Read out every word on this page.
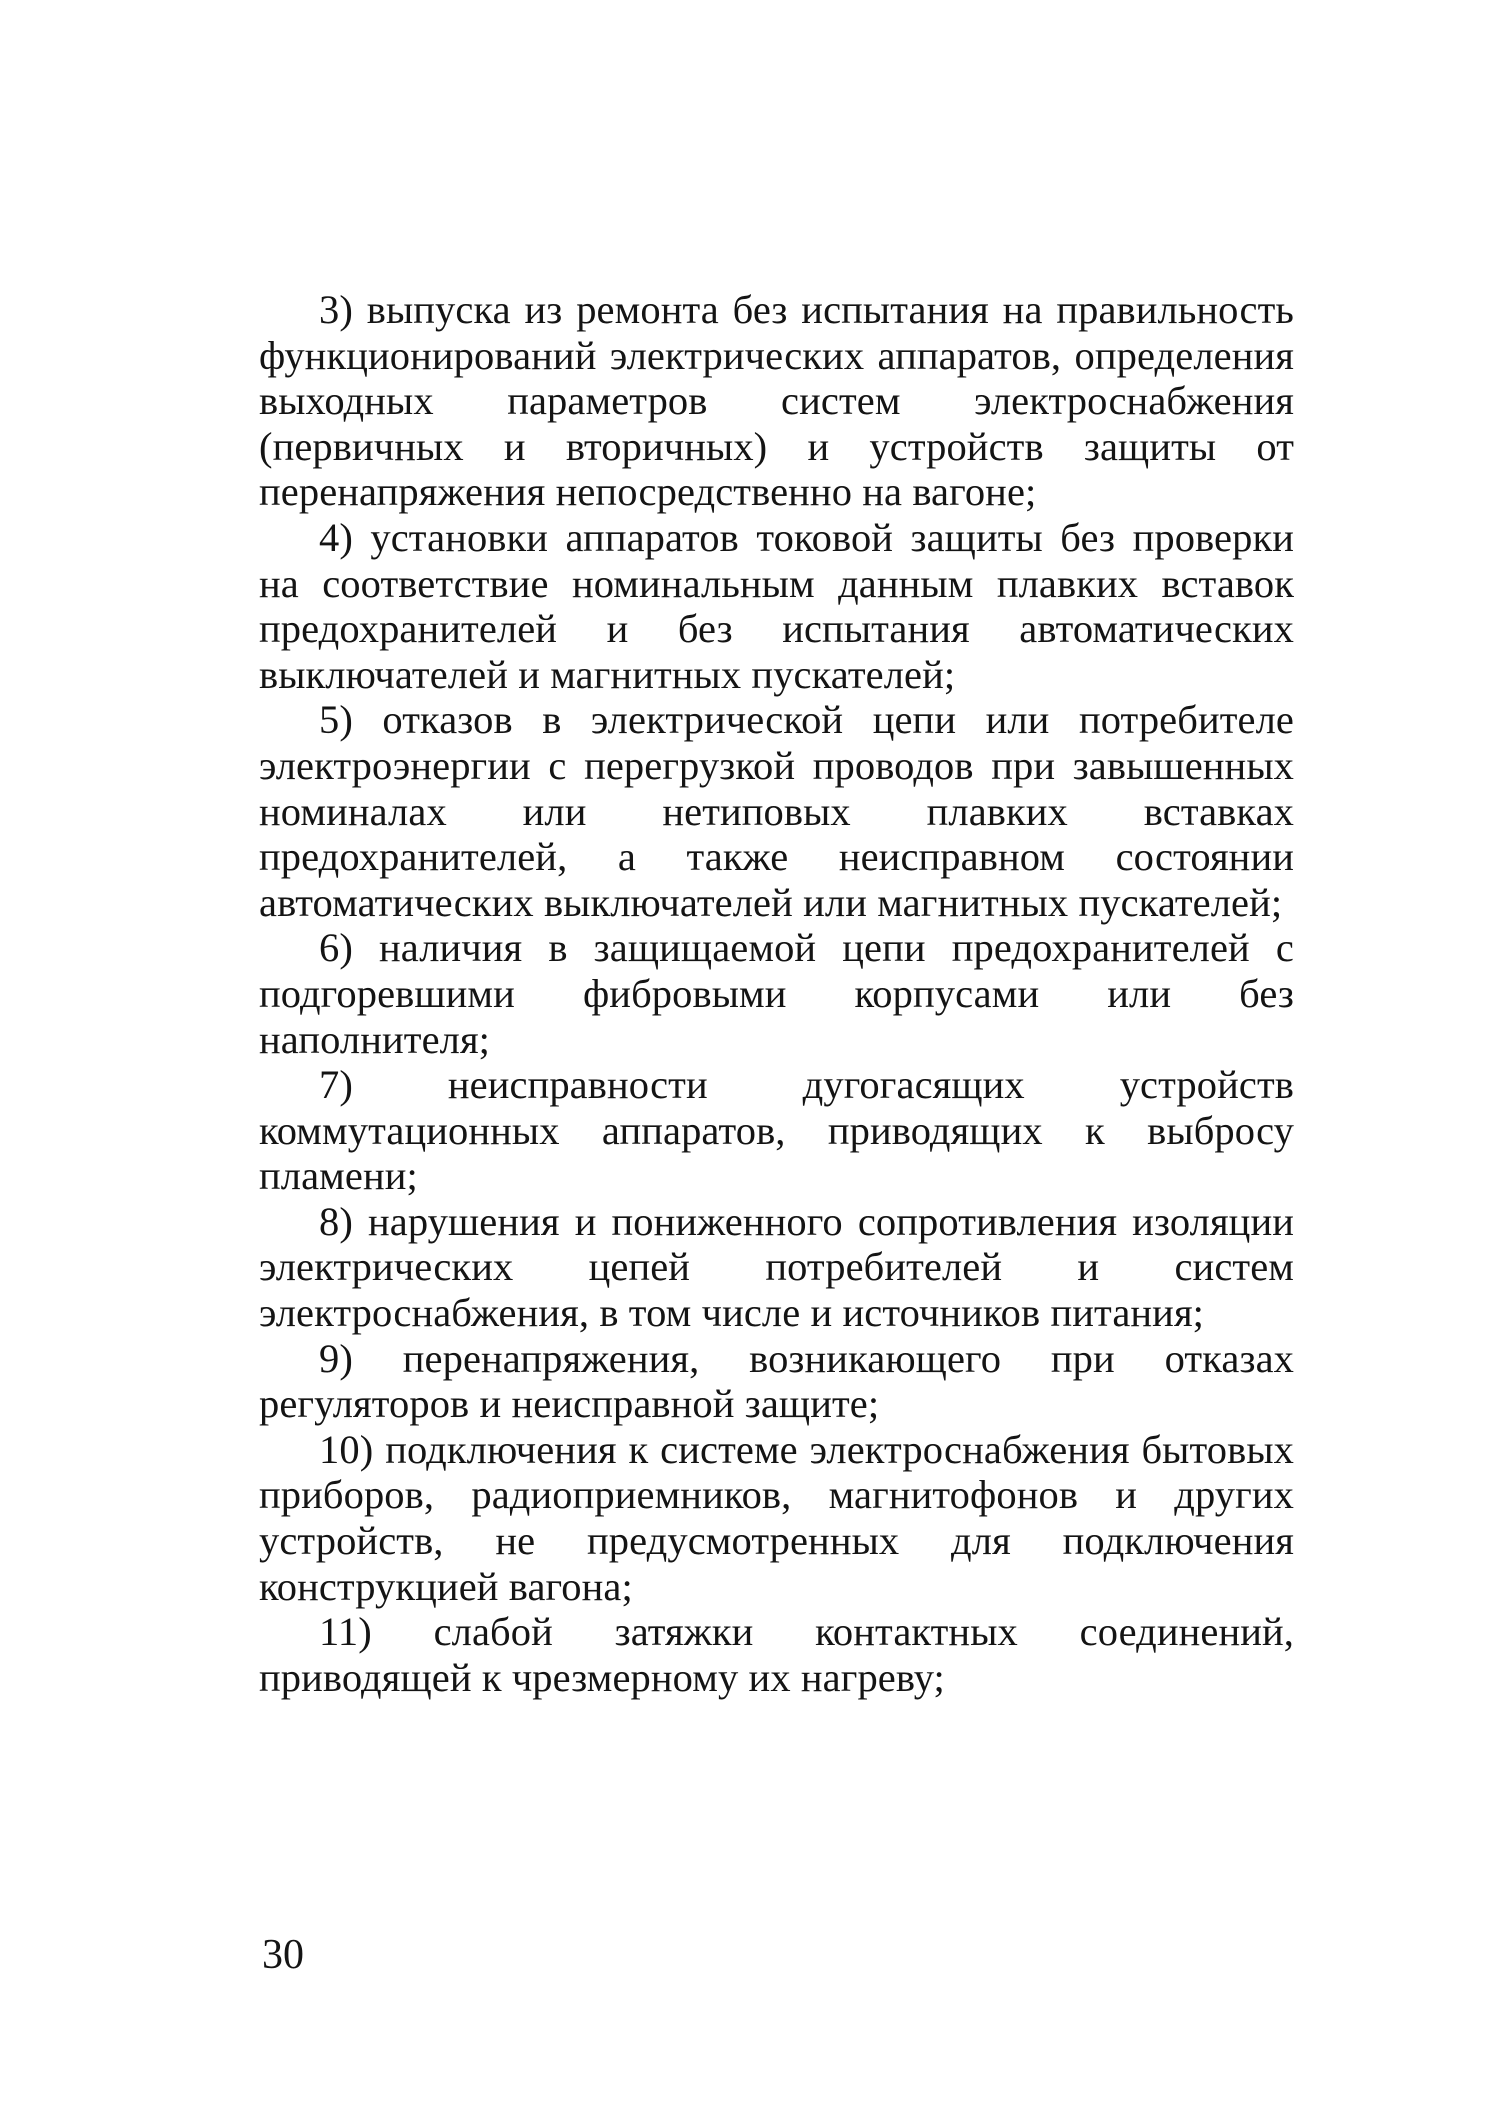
3) выпуска из ремонта без испытания на правильность функционирований электрических аппаратов, определения выходных параметров систем электроснабжения (первичных и вторичных) и устройств защиты от перенапряжения непосредственно на вагоне;

4) установки аппаратов токовой защиты без проверки на соответствие номинальным данным плавких вставок предохранителей и без испытания автоматических выключателей и магнитных пускателей;

5) отказов в электрической цепи или потребителе электроэнергии с перегрузкой проводов при завышенных номиналах или нетиповых плавких вставках предохранителей, а также неисправном состоянии автоматических выключателей или магнитных пускателей;

6) наличия в защищаемой цепи предохранителей с подгоревшими фибровыми корпусами или без наполнителя;

7) неисправности дугогасящих устройств коммутационных аппаратов, приводящих к выбросу пламени;

8) нарушения и пониженного сопротивления изоляции электрических цепей потребителей и систем электроснабжения, в том числе и источников питания;

9) перенапряжения, возникающего при отказах регуляторов и неисправной защите;

10) подключения к системе электроснабжения бытовых приборов, радиоприемников, магнитофонов и других устройств, не предусмотренных для подключения конструкцией вагона;

11) слабой затяжки контактных соединений, приводящей к чрезмерному их нагреву;

30
